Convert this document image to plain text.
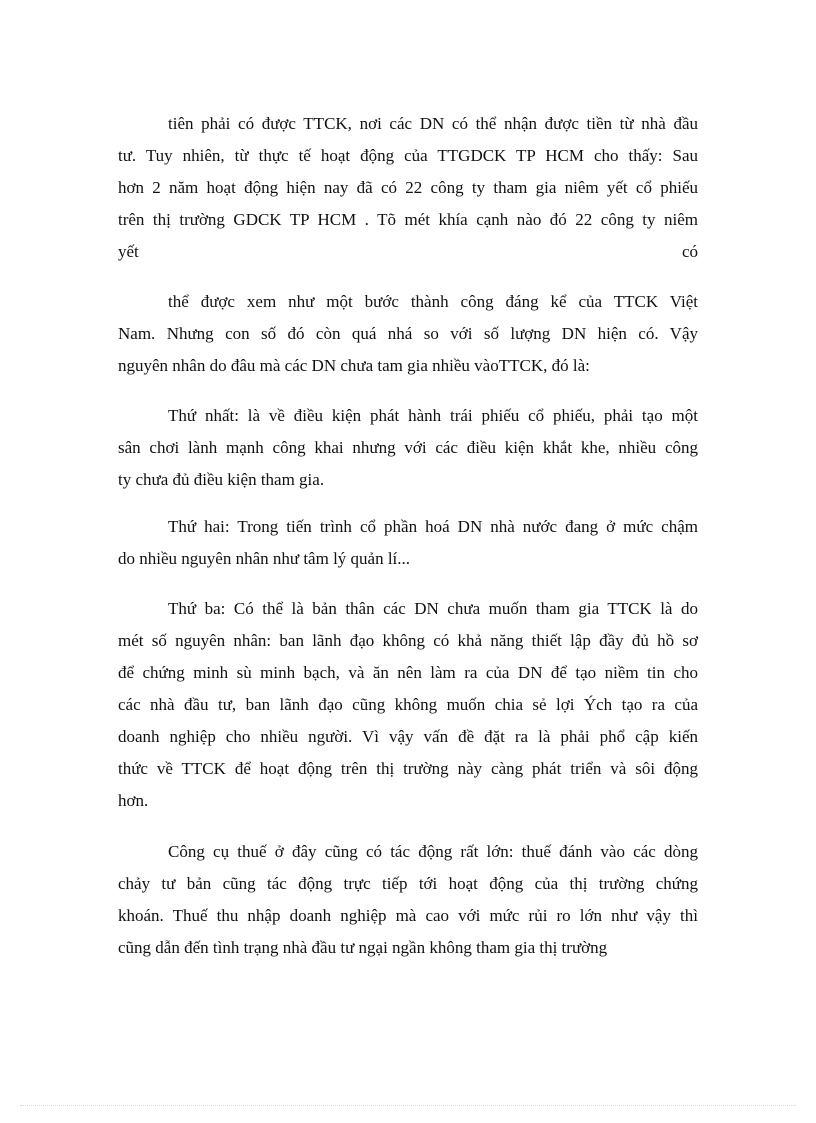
tiên phải có được TTCK, nơi các DN có thể nhận được tiền từ nhà đầu
tư. Tuy nhiên, từ thực tế hoạt động của TTGDCK TP HCM cho thấy: Sau
hơn 2 năm hoạt động hiện nay đã có 22 công ty tham gia niêm yết cổ phiếu
trên thị trường GDCK TP HCM . Tõ mét khía cạnh nào đó 22 công ty niêm
yết	có
thể được xem như một bước thành công đáng kể của TTCK Việt
Nam. Nhưng con số đó còn quá nhá so với số lượng DN hiện có. Vậy
nguyên nhân do đâu mà các DN chưa tam gia nhiều vàoTTCK, đó là:
Thứ nhất: là về điều kiện phát hành trái phiếu cổ phiếu, phải tạo một
sân chơi lành mạnh công khai nhưng với các điều kiện khắt khe, nhiều công
ty chưa đủ điều kiện tham gia.
Thứ hai: Trong tiến trình cổ phần hoá DN nhà nước đang ở mức chậm
do nhiều nguyên nhân như tâm lý quản lí...
Thứ ba: Có thể là bản thân các DN chưa muốn tham gia TTCK là do
mét số nguyên nhân: ban lãnh đạo không có khả năng thiết lập đầy đủ hồ sơ
để chứng minh sù minh bạch, và ăn nên làm ra của DN để tạo niềm tin cho
các nhà đầu tư, ban lãnh đạo cũng không muốn chia sẻ lợi Ých tạo ra của
doanh nghiệp cho nhiều người. Vì vậy vấn đề đặt ra là phải phổ cập kiến
thức về TTCK để hoạt động trên thị trường này càng phát triển và sôi động
hơn.
Công cụ thuế ở đây cũng có tác động rất lớn: thuế đánh vào các dòng
chảy tư bản cũng tác động trực tiếp tới hoạt động của thị trường chứng
khoán. Thuế thu nhập doanh nghiệp mà cao với mức rủi ro lớn như vậy thì
cũng dẫn đến tình trạng nhà đầu tư ngại ngần không tham gia thị trường
